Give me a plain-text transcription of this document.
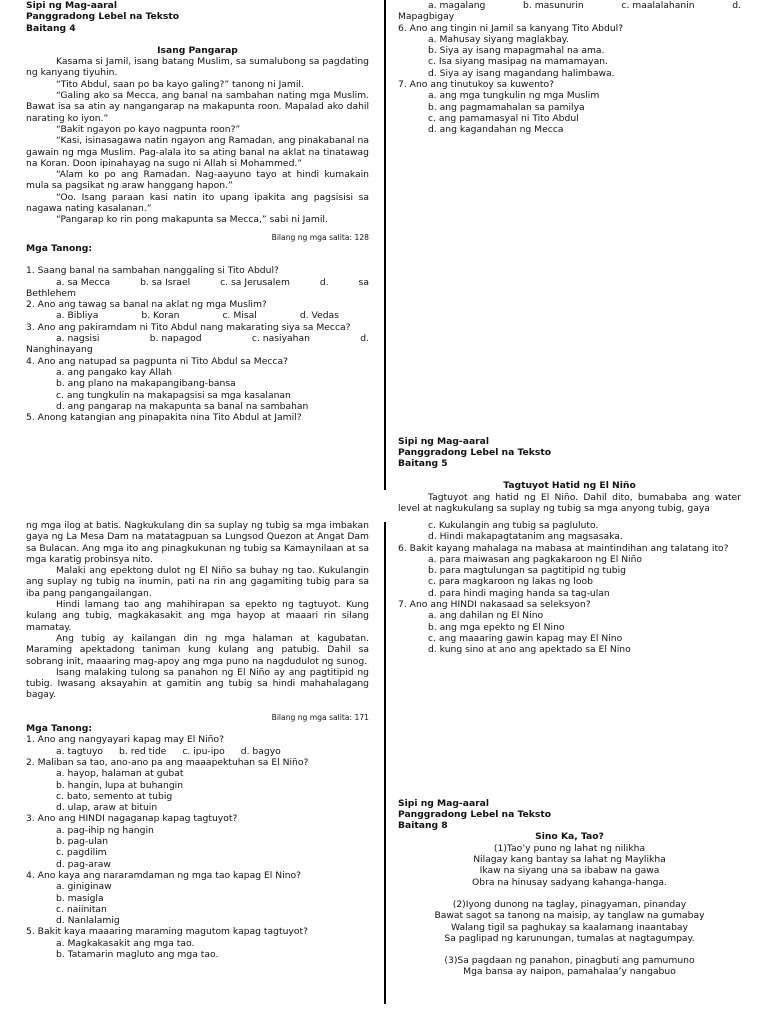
Sipi ng Mag-aaral

Panggradong Lebel na Teksto

Baitang 4

Isang Pangarap

Kasama si Jamil, isang batang Muslim, sa sumalubong sa pagdating ng kanyang tiyuhin.

“Tito Abdul, saan po ba kayo galing?” tanong ni Jamil.

“Galing ako sa Mecca, ang banal na sambahan nating mga Muslim. Bawat isa sa atin ay nangangarap na makapunta roon. Mapalad ako dahil narating ko iyon.”

“Bakit ngayon po kayo nagpunta roon?”

“Kasi, isinasagawa natin ngayon ang Ramadan, ang pinakabanal na gawain ng mga Muslim. Pag-alala ito sa ating banal na aklat na tinatawag na Koran. Doon ipinahayag na sugo ni Allah si Mohammed.”

“Alam ko po ang Ramadan. Nag-aayuno tayo at hindi kumakain mula sa pagsikat ng araw hanggang hapon.”

“Oo. Isang paraan kasi natin ito upang ipakita ang pagsisisi sa nagawa nating kasalanan.”

“Pangarap ko rin pong makapunta sa Mecca,” sabi ni Jamil.

Bilang ng mga salita: 128

Mga Tanong:

1. Saang banal na sambahan nanggaling si Tito Abdul?

a. sa Mecca	b. sa Israel	c. sa Jerusalem	d.	sa

Bethlehem

2. Ano ang tawag sa banal na aklat ng mga Muslim?

a. Bibliya	b. Koran	c. Misal	d. Vedas

3. Ano ang pakiramdam ni Tito Abdul nang makarating siya sa Mecca?

a. nagsisi	b. napagod	c. nasiyahan	d.

Nanghinayang

4. Ano ang natupad sa pagpunta ni Tito Abdul sa Mecca?

a. ang pangako kay Allah

b. ang plano na makapangibang-bansa

c. ang tungkulin na makapagsisi sa mga kasalanan

d. ang pangarap na makapunta sa banal na sambahan

5. Anong katangian ang pinapakita nina Tito Abdul at Jamil?

a. magalang	b. masunurin	c. maalalahanin	d.

Mapagbigay

6. Ano ang tingin ni Jamil sa kanyang Tito Abdul?

a. Mahusay siyang maglakbay.

b. Siya ay isang mapagmahal na ama.

c. Isa siyang masipag na mamamayan.

d. Siya ay isang magandang halimbawa.

7. Ano ang tinutukoy sa kuwento?

a. ang mga tungkulin ng mga Muslim

b. ang pagmamahalan sa pamilya

c. ang pamamasyal ni Tito Abdul

d. ang kagandahan ng Mecca

Sipi ng Mag-aaral

Panggradong Lebel na Teksto

Baitang 5

Tagtuyot Hatid ng El Niño

Tagtuyot ang hatid ng El Niño. Dahil dito, bumababa ang water level at nagkukulang sa suplay ng tubig sa mga anyong tubig, gaya

ng mga ilog at batis. Nagkukulang din sa suplay ng tubig sa mga imbakan gaya ng La Mesa Dam na matatagpuan sa Lungsod Quezon at Angat Dam sa Bulacan. Ang mga ito ang pinagkukunan ng tubig sa Kamaynilaan at sa mga karatig probinsya nito.

Malaki ang epektong dulot ng El Niño sa buhay ng tao. Kukulangin ang suplay ng tubig na inumin, pati na rin ang gagamiting tubig para sa iba pang pangangailangan.

Hindi lamang tao ang mahihirapan sa epekto ng tagtuyot. Kung kulang ang tubig, magkakasakit ang mga hayop at maaari rin silang mamatay.

Ang tubig ay kailangan din ng mga halaman at kagubatan. Maraming apektadong taniman kung kulang ang patubig. Dahil sa sobrang init, maaaring mag-apoy ang mga puno na nagdudulot ng sunog.

Isang malaking tulong sa panahon ng El Niño ay ang pagtitipid ng tubig. Iwasang aksayahin at gamitin ang tubig sa hindi mahahalagang bagay.

Bilang ng mga salita: 171

Mga Tanong:

1. Ano ang nangyayari kapag may El Niño?

a. tagtuyo b. red tide c. ipu-ipo d. bagyo

2. Maliban sa tao, ano-ano pa ang maaapektuhan sa El Niño?

a. hayop, halaman at gubat

b. hangin, lupa at buhangin

c. bato, semento at tubig

d. ulap, araw at bituin

3. Ano ang HINDI nagaganap kapag tagtuyot?

a. pag-ihip ng hangin

b. pag-ulan

c. pagdilim

d. pag-araw

4. Ano kaya ang nararamdaman ng mga tao kapag El Nino?

a. giniginaw

b. masigla

c. naiinitan

d. Nanlalamig

5. Bakit kaya maaaring maraming magutom kapag tagtuyot?

a. Magkakasakit ang mga tao.

b. Tatamarin magluto ang mga tao.

c. Kukulangin ang tubig sa pagluluto.

d. Hindi makapagtatanim ang magsasaka.

6. Bakit kayang mahalaga na mabasa at maintindihan ang talatang ito?

a. para maiwasan ang pagkakaroon ng El Niño

b. para magtulungan sa pagtitipid ng tubig

c. para magkaroon ng lakas ng loob

d. para hindi maging handa sa tag-ulan

7. Ano ang HINDI nakasaad sa seleksyon?

a. ang dahilan ng El Nino

b. ang mga epekto ng El Nino

c. ang maaaring gawin kapag may El Nino

d. kung sino at ano ang apektado sa El Nino

Sipi ng Mag-aaral

Panggradong Lebel na Teksto

Baitang 8

Sino Ka, Tao?

(1)Tao’y puno ng lahat ng nilikha

Nilagay kang bantay sa lahat ng Maylikha

Ikaw na siyang una sa ibabaw na gawa

Obra na hinusay sadyang kahanga-hanga.

(2)Iyong dunong na taglay, pinagyaman, pinanday

Bawat sagot sa tanong na maisip, ay tanglaw na gumabay

Walang tigil sa paghukay sa kaalamang inaantabay

Sa paglipad ng karunungan, tumalas at nagtagumpay.

(3)Sa pagdaan ng panahon, pinagbuti ang pamumuno

Mga bansa ay naipon, pamahalaa’y nangabuo
